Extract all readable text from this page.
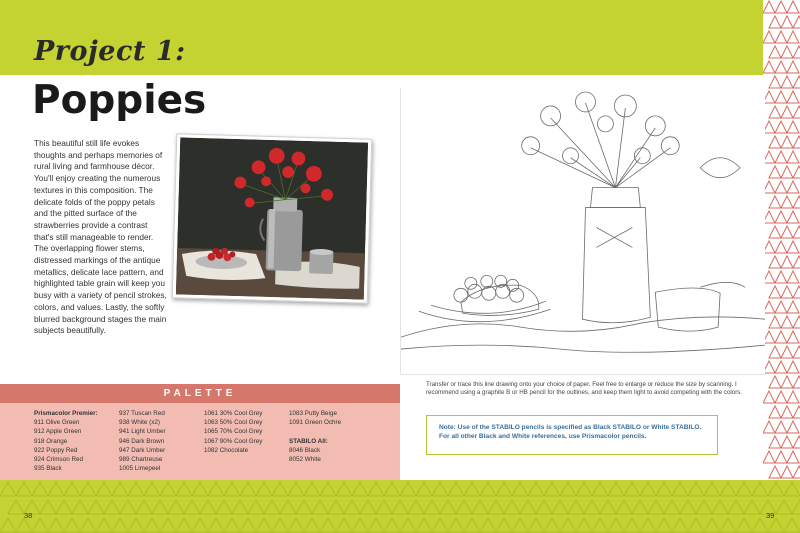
Project 1:
Poppies
This beautiful still life evokes thoughts and perhaps memories of rural living and farmhouse décor. You'll enjoy creating the numerous textures in this composition. The delicate folds of the poppy petals and the pitted surface of the strawberries provide a contrast that's still manageable to render. The overlapping flower stems, distressed markings of the antique metallics, delicate lace pattern, and highlighted table grain will keep you busy with a variety of pencil strokes, colors, and values. Lastly, the softly blurred background stages the main subjects beautifully.
Transfer or trace this line drawing onto your choice of paper. Feel free to enlarge or reduce the size by scanning. I recommend using a graphite B or HB pencil for the outlines, and keep them light to avoid competing with the colors.
Note: Use of the STABILO pencils is specified as Black STABILO or White STABILO. For all other Black and White references, use Prismacolor pencils.
PALETTE
Prismacolor Premier:
911 Olive Green
912 Apple Green
918 Orange
922 Poppy Red
924 Crimson Red
935 Black
937 Tuscan Red
938 White (x2)
941 Light Umber
946 Dark Brown
947 Dark Umber
989 Chartreuse
1005 Limepeel
1061 30% Cool Grey
1063 50% Cool Grey
1065 70% Cool Grey
1067 90% Cool Grey
1082 Chocolate
1083 Putty Beige
1091 Green Ochre

STABILO All:
8046 Black
8052 White
38	39
